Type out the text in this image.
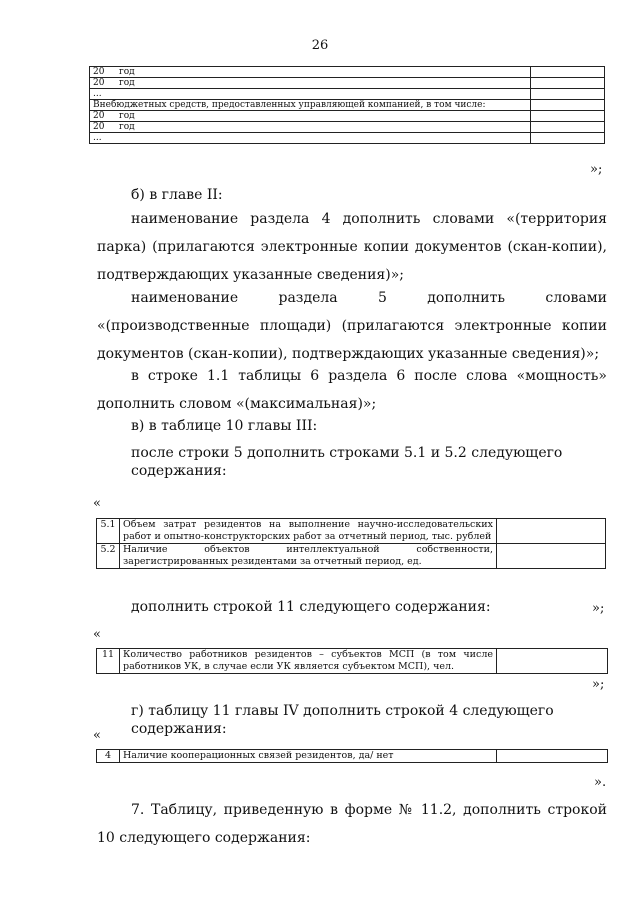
26
20 год	
20 год	
...	
Внебюджетных средств, предоставленных управляющей компанией, в том числе:	
20 год	
20 год	
...	
»;
б) в главе II:
наименование раздела 4 дополнить словами «(территория парка) (прилагаются электронные копии документов (скан-копии), подтверждающих указанные сведения)»;
наименование раздела 5 дополнить словами «(производственные площади) (прилагаются электронные копии документов (скан-копии), подтверждающих указанные сведения)»;
в строке 1.1 таблицы 6 раздела 6 после слова «мощность» дополнить словом «(максимальная)»;
в) в таблице 10 главы III:
после строки 5 дополнить строками 5.1 и 5.2 следующего содержания:
«
5.1	Объем затрат резидентов на выполнение научно-исследовательских работ и опытно-конструкторских работ за отчетный период, тыс. рублей	
5.2	Наличие объектов интеллектуальной собственности, зарегистрированных резидентами за отчетный период, ед.	
»;
дополнить строкой 11 следующего содержания:
«
11	Количество работников резидентов – субъектов МСП (в том числе работников УК, в случае если УК является субъектом МСП), чел.	
»;
г) таблицу 11 главы IV дополнить строкой 4 следующего содержания:
«
4	Наличие кооперационных связей резидентов, да/ нет	
».
7. Таблицу, приведенную в форме № 11.2, дополнить строкой 10 следующего содержания:
